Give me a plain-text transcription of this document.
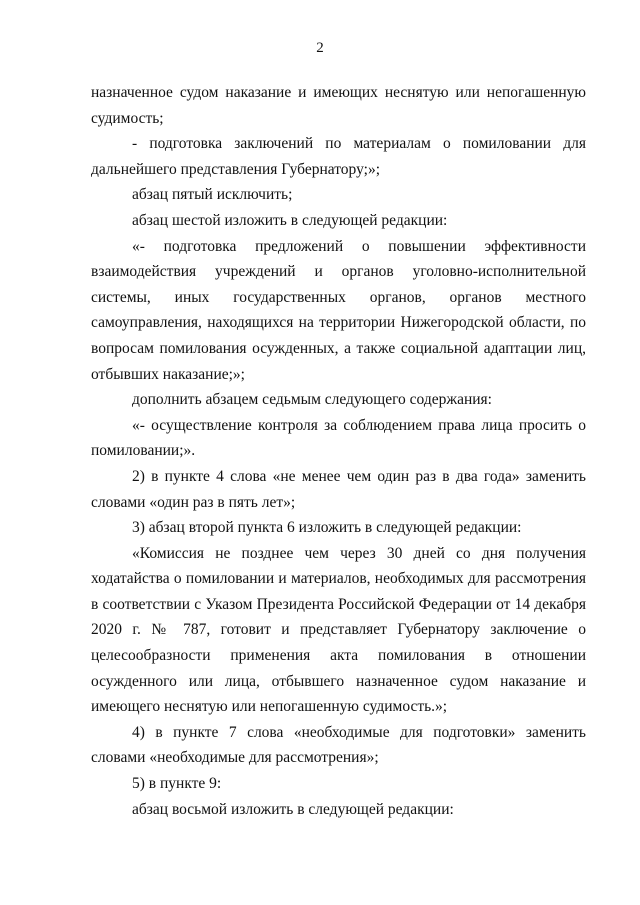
2

назначенное судом наказание и имеющих неснятую или непогашенную судимость;

- подготовка заключений по материалам о помиловании для дальнейшего представления Губернатору;»;

абзац пятый исключить;

абзац шестой изложить в следующей редакции:

«- подготовка предложений о повышении эффективности взаимодействия учреждений и органов уголовно-исполнительной системы, иных государственных органов, органов местного самоуправления, находящихся на территории Нижегородской области, по вопросам помилования осужденных, а также социальной адаптации лиц, отбывших наказание;»;

дополнить абзацем седьмым следующего содержания:

«- осуществление контроля за соблюдением права лица просить о помиловании;».

2) в пункте 4 слова «не менее чем один раз в два года» заменить словами «один раз в пять лет»;

3) абзац второй пункта 6 изложить в следующей редакции:

«Комиссия не позднее чем через 30 дней со дня получения ходатайства о помиловании и материалов, необходимых для рассмотрения в соответствии с Указом Президента Российской Федерации от 14 декабря 2020 г. № 787, готовит и представляет Губернатору заключение о целесообразности применения акта помилования в отношении осужденного или лица, отбывшего назначенное судом наказание и имеющего неснятую или непогашенную судимость.»;

4) в пункте 7 слова «необходимые для подготовки» заменить словами «необходимые для рассмотрения»;

5) в пункте 9:

абзац восьмой изложить в следующей редакции:
